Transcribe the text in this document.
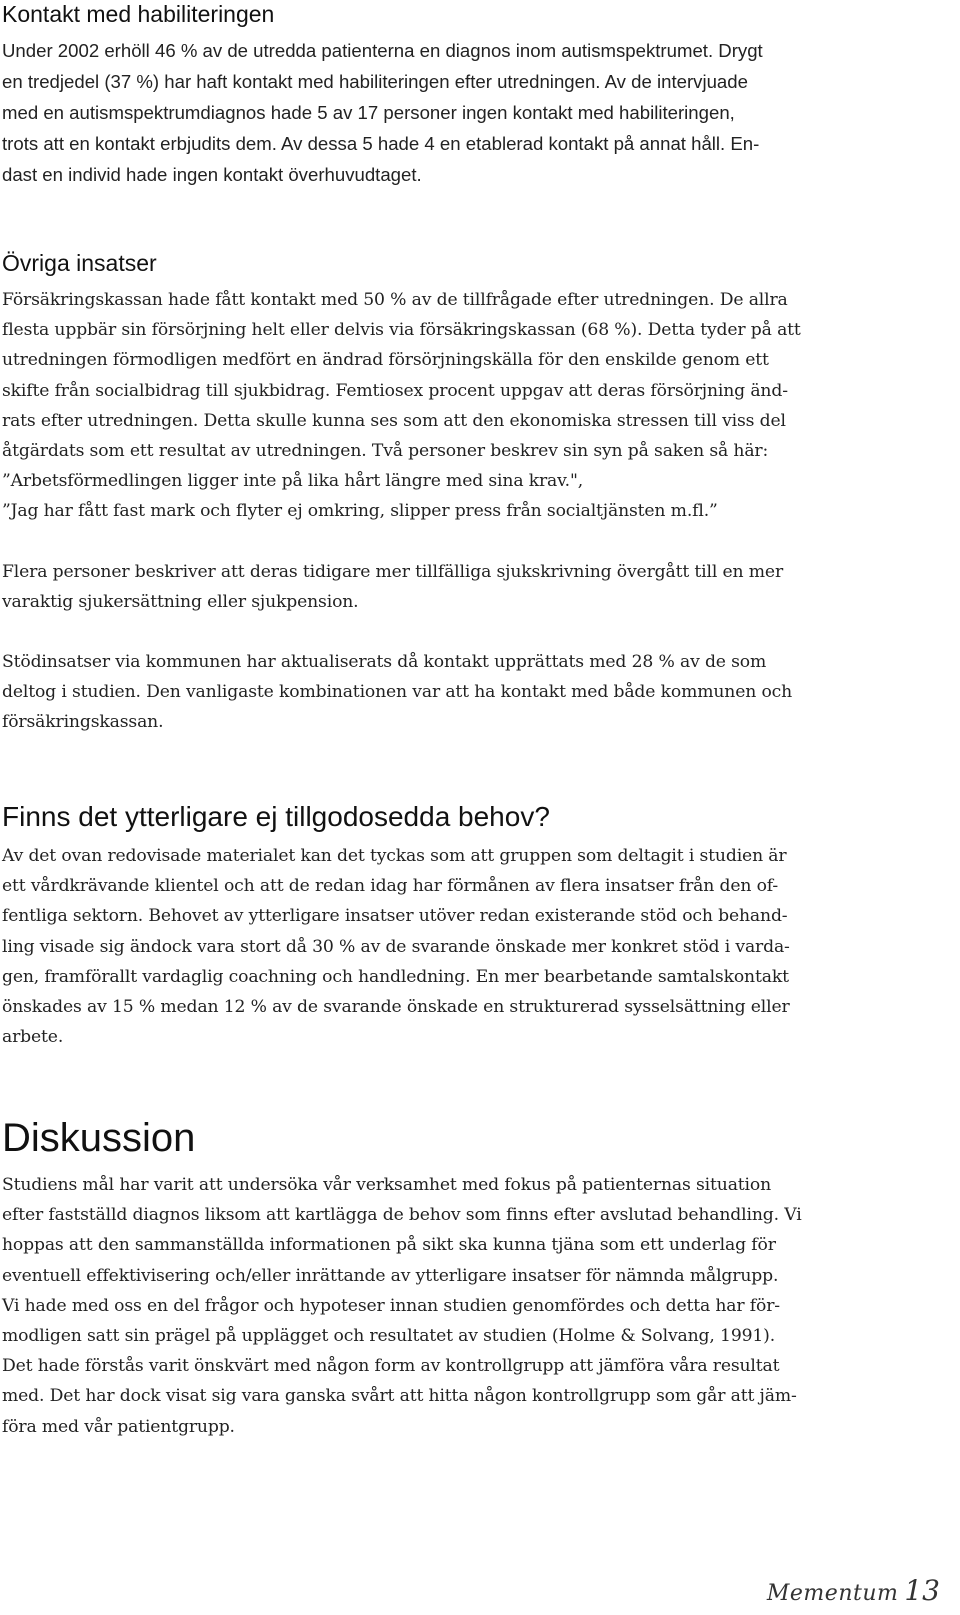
Kontakt med habiliteringen

Under 2002 erhöll 46 % av de utredda patienterna en diagnos inom autismspektrumet. Drygt
en tredjedel (37 %) har haft kontakt med habiliteringen efter utredningen. Av de intervjuade
med en autismspektrumdiagnos hade 5 av 17 personer ingen kontakt med habiliteringen,
trots att en kontakt erbjudits dem. Av dessa 5 hade 4 en etablerad kontakt på annat håll. En-
dast en individ hade ingen kontakt överhuvudtaget.

Övriga insatser

Försäkringskassan hade fått kontakt med 50 % av de tillfrågade efter utredningen. De allra
flesta uppbär sin försörjning helt eller delvis via försäkringskassan (68 %). Detta tyder på att
utredningen förmodligen medfört en ändrad försörjningskälla för den enskilde genom ett
skifte från socialbidrag till sjukbidrag. Femtiosex procent uppgav att deras försörjning änd-
rats efter utredningen. Detta skulle kunna ses som att den ekonomiska stressen till viss del
åtgärdats som ett resultat av utredningen. Två personer beskrev sin syn på saken så här:
”Arbetsförmedlingen ligger inte på lika hårt längre med sina krav.",
”Jag har fått fast mark och flyter ej omkring, slipper press från socialtjänsten m.fl.”

Flera personer beskriver att deras tidigare mer tillfälliga sjukskrivning övergått till en mer
varaktig sjukersättning eller sjukpension.

Stödinsatser via kommunen har aktualiserats då kontakt upprättats med 28 % av de som
deltog i studien. Den vanligaste kombinationen var att ha kontakt med både kommunen och
försäkringskassan.

Finns det ytterligare ej tillgodosedda behov?

Av det ovan redovisade materialet kan det tyckas som att gruppen som deltagit i studien är
ett vårdkrävande klientel och att de redan idag har förmånen av flera insatser från den of-
fentliga sektorn. Behovet av ytterligare insatser utöver redan existerande stöd och behand-
ling visade sig ändock vara stort då 30 % av de svarande önskade mer konkret stöd i varda-
gen, framförallt vardaglig coachning och handledning. En mer bearbetande samtalskontakt
önskades av 15 % medan 12 % av de svarande önskade en strukturerad sysselsättning eller
arbete.

Diskussion

Studiens mål har varit att undersöka vår verksamhet med fokus på patienternas situation
efter fastställd diagnos liksom att kartlägga de behov som finns efter avslutad behandling. Vi
hoppas att den sammanställda informationen på sikt ska kunna tjäna som ett underlag för
eventuell effektivisering och/eller inrättande av ytterligare insatser för nämnda målgrupp.
Vi hade med oss en del frågor och hypoteser innan studien genomfördes och detta har för-
modligen satt sin prägel på upplägget och resultatet av studien (Holme & Solvang, 1991).
Det hade förstås varit önskvärt med någon form av kontrollgrupp att jämföra våra resultat
med. Det har dock visat sig vara ganska svårt att hitta någon kontrollgrupp som går att jäm-
föra med vår patientgrupp.

Mementum 13
